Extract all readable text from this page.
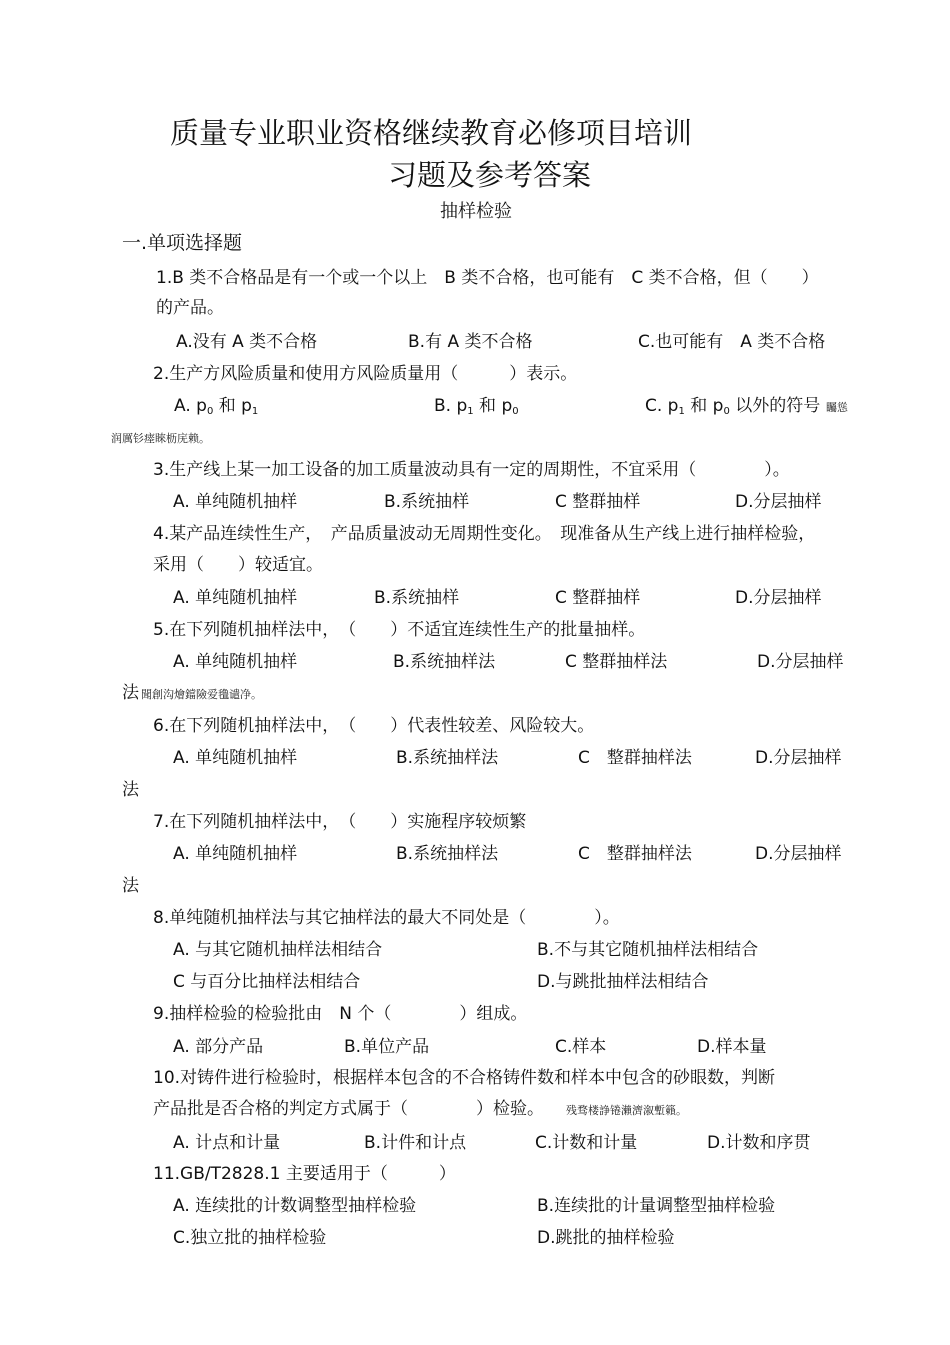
质量专业职业资格继续教育必修项目培训
习题及参考答案
抽样检验
一.单项选择题
1.B 类不合格品是有一个或一个以上　B 类不合格，也可能有　C 类不合格，但（　　）
的产品。
A.没有 A 类不合格	B.有 A 类不合格	C.也可能有　A 类不合格
2.生产方风险质量和使用方风险质量用（　　　）表示。
A. $p_0$ 和 $p_1$	B. $p_1$ 和 $p_0$	C. $p_1$ 和 $p_0$ 以外的符号 矚慫
润厲钐瘗睞枥庑赖。
3.生产线上某一加工设备的加工质量波动具有一定的周期性，不宜采用（　　　　）。
A. 单纯随机抽样	B.系统抽样	C 整群抽样	D.分层抽样
4.某产品连续性生产，　产品质量波动无周期性变化。　现准备从生产线上进行抽样检验，
采用（　　）较适宜。
A. 单纯随机抽样	B.系统抽样	C 整群抽样	D.分层抽样
5.在下列随机抽样法中，　（　　）不适宜连续性生产的批量抽样。
A. 单纯随机抽样	B.系统抽样法	C 整群抽样法	D.分层抽样
法 聞創沟燴鐺險爱氇谴净。
6.在下列随机抽样法中，　（　　）代表性较差、风险较大。
A. 单纯随机抽样	B.系统抽样法	C　整群抽样法	D.分层抽样
法
7.在下列随机抽样法中，　（　　）实施程序较烦繁
A. 单纯随机抽样	B.系统抽样法	C　整群抽样法	D.分层抽样
法
8.单纯随机抽样法与其它抽样法的最大不同处是（　　　　）。
A. 与其它随机抽样法相结合	B.不与其它随机抽样法相结合
C 与百分比抽样法相结合	D.与跳批抽样法相结合
9.抽样检验的检验批由　N 个（　　　　）组成。
A. 部分产品	B.单位产品	C.样本	D.样本量
10.对铸件进行检验时，根据样本包含的不合格铸件数和样本中包含的砂眼数，判断
产品批是否合格的判定方式属于（　　　　）检验。 残骛楼諍锩瀨濟溆塹籟。
A. 计点和计量	B.计件和计点	C.计数和计量	D.计数和序贯
11.GB/T2828.1 主要适用于（　　　）
A. 连续批的计数调整型抽样检验	B.连续批的计量调整型抽样检验
C.独立批的抽样检验	D.跳批的抽样检验
